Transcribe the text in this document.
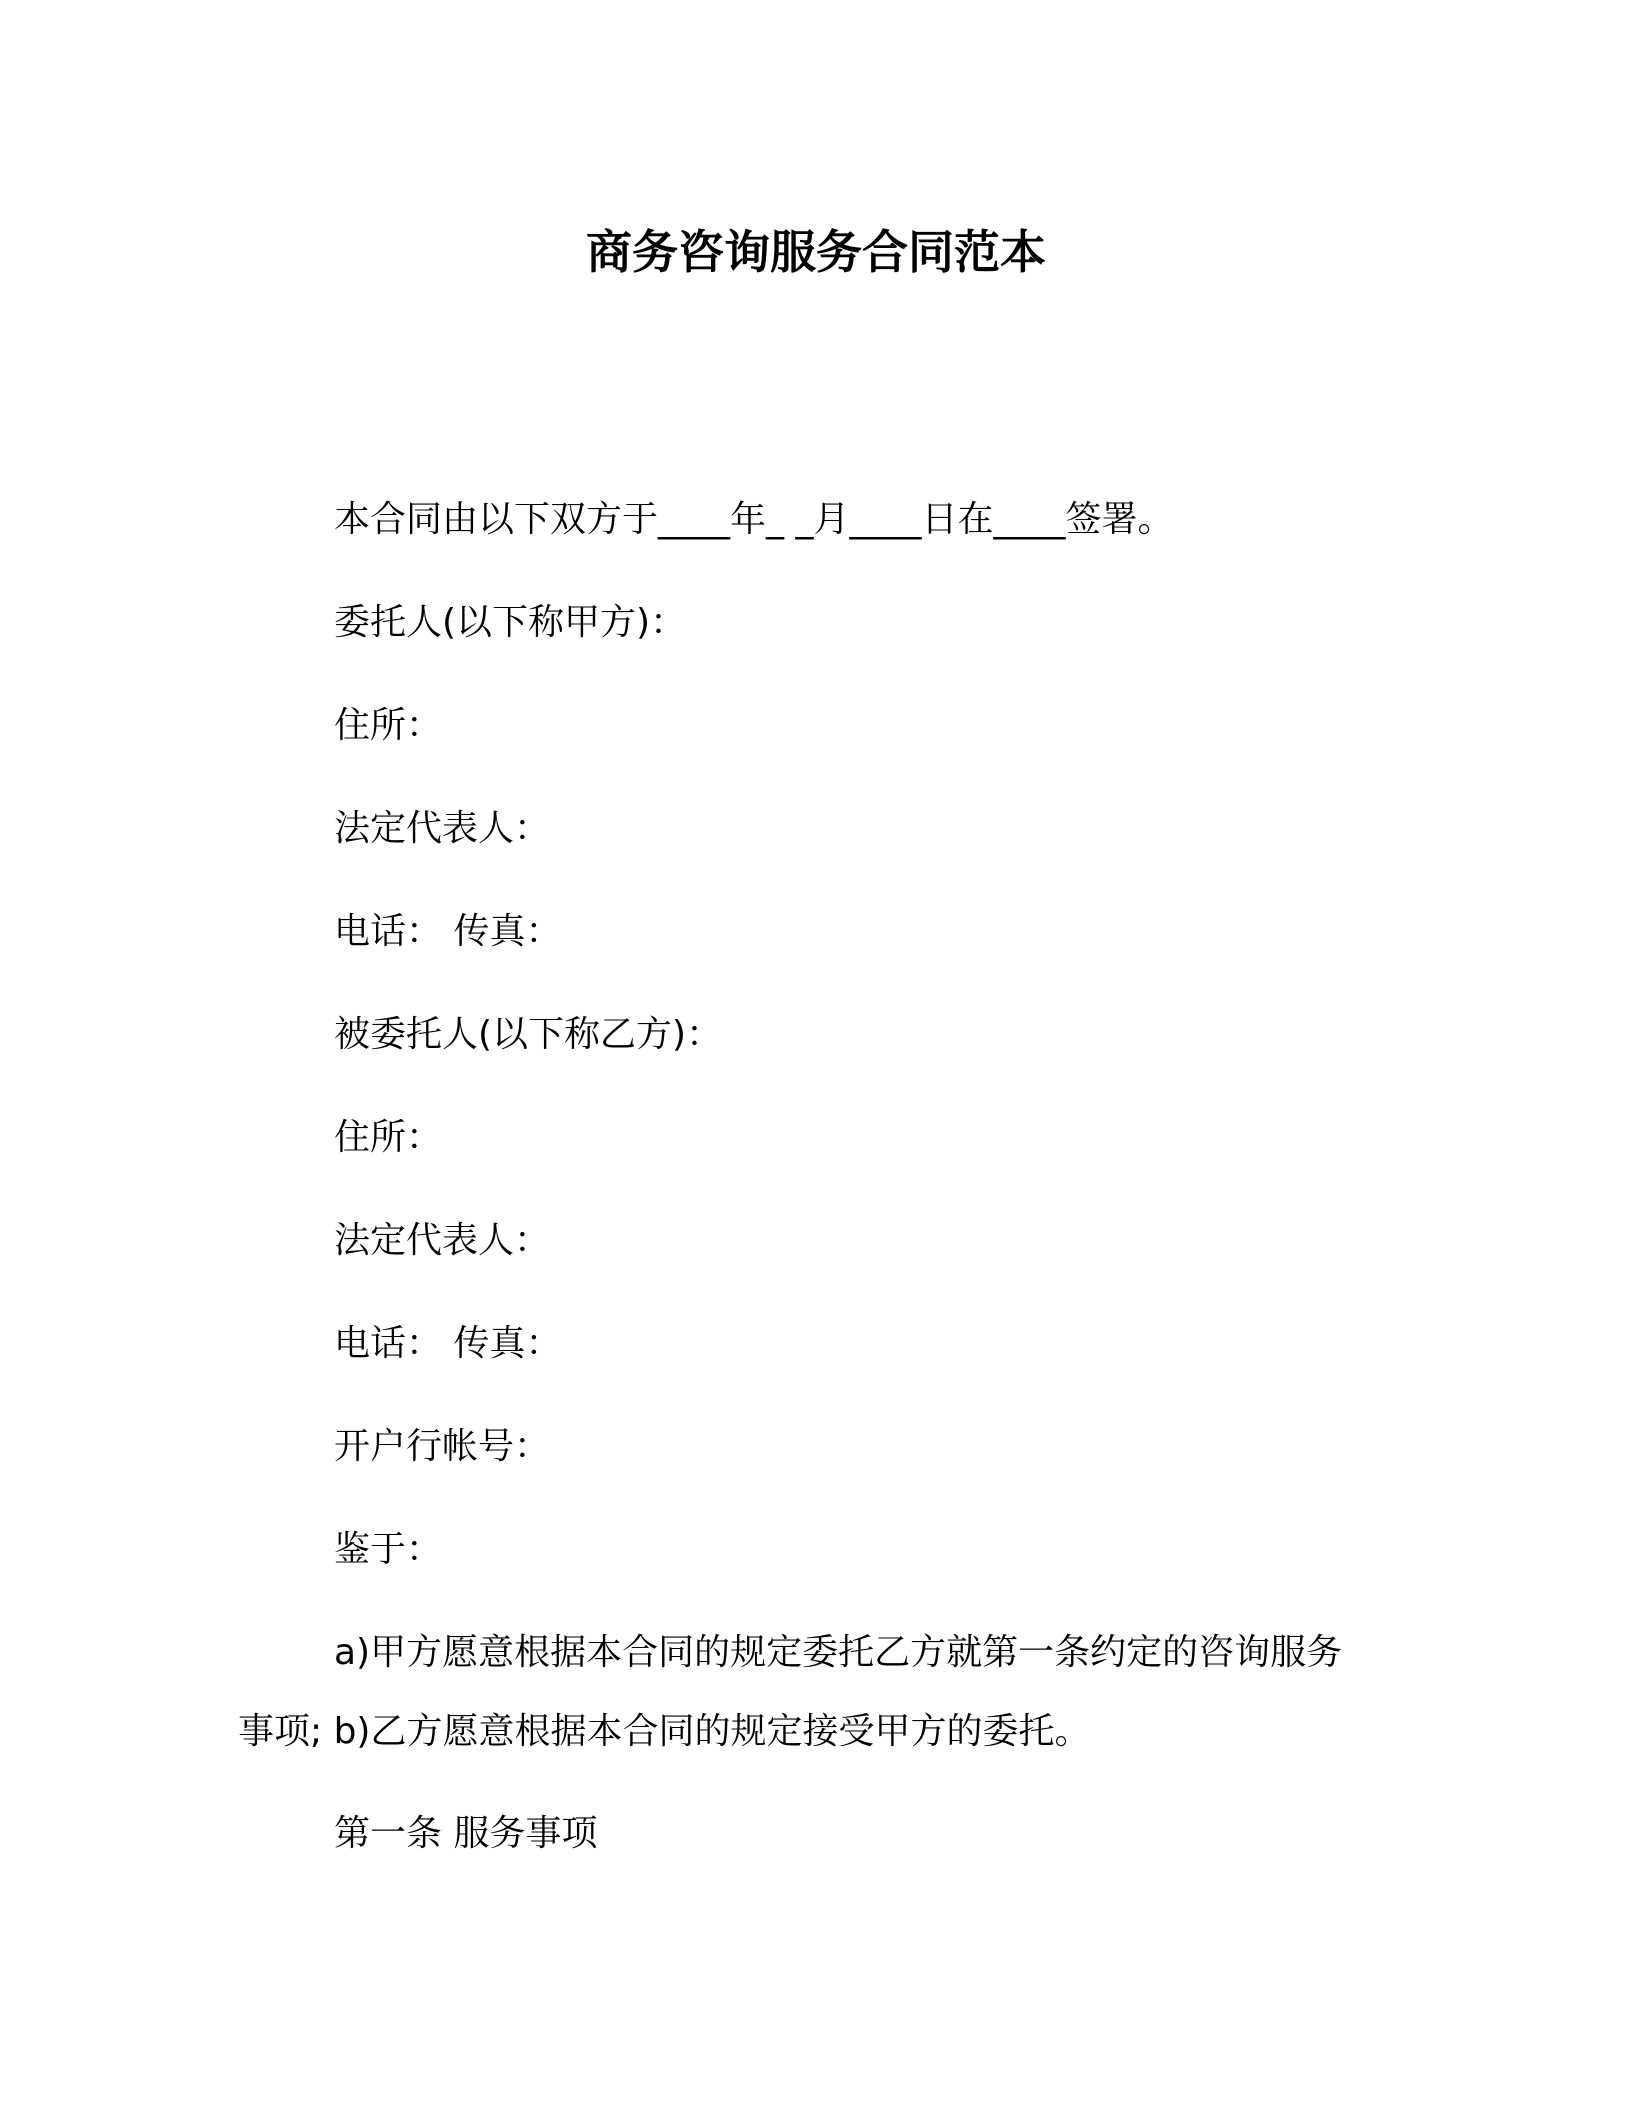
商务咨询服务合同范本
本合同由以下双方于____年_ _月____日在____签署。
委托人(以下称甲方)：
住所：
法定代表人：
电话： 传真：
被委托人(以下称乙方)：
住所：
法定代表人：
电话： 传真：
开户行帐号：
鉴于：
a)甲方愿意根据本合同的规定委托乙方就第一条约定的咨询服务
事项; b)乙方愿意根据本合同的规定接受甲方的委托。
第一条 服务事项
